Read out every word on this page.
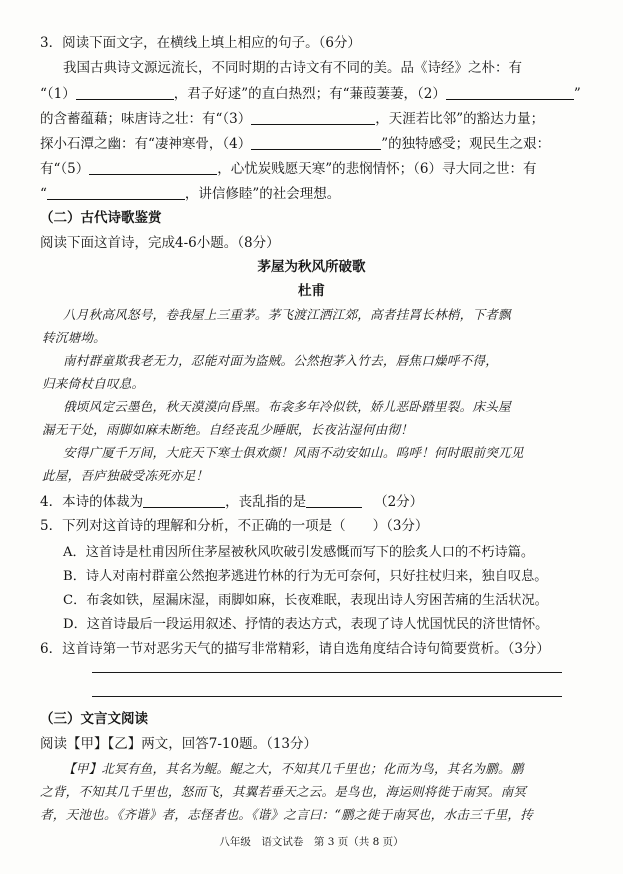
3．阅读下面文字，在横线上填上相应的句子。（6分）
我国古典诗文源远流长，不同时期的古诗文有不同的美。品《诗经》之朴：有
“（1）	，君子好逑”的直白热烈；有“蒹葭萋萋，（2）	”
的含蓄蕴藉；味唐诗之壮：有“（3）	，天涯若比邻”的豁达力量；
探小石潭之幽：有“凄神寒骨，（4）	”的独特感受；观民生之艰：
有“（5）	，心忧炭贱愿天寒”的悲悯情怀；（6）寻大同之世：有
“	，讲信修睦”的社会理想。
（二）古代诗歌鉴赏
阅读下面这首诗，完成4-6小题。（8分）
茅屋为秋风所破歌
杜甫
八月秋高风怒号，卷我屋上三重茅。茅飞渡江洒江郊，高者挂罥长林梢，下者飘
转沉塘坳。
南村群童欺我老无力，忍能对面为盗贼。公然抱茅入竹去，唇焦口燥呼不得，
归来倚杖自叹息。
俄顷风定云墨色，秋天漠漠向昏黑。布衾多年冷似铁，娇儿恶卧踏里裂。床头屋
漏无干处，雨脚如麻未断绝。自经丧乱少睡眠，长夜沾湿何由彻！
安得广厦千万间，大庇天下寒士俱欢颜！风雨不动安如山。呜呼！何时眼前突兀见
此屋，吾庐独破受冻死亦足！
4．本诗的体裁为	，丧乱指的是	（2分）
5．下列对这首诗的理解和分析，不正确的一项是（　　）（3分）
A．这首诗是杜甫因所住茅屋被秋风吹破引发感慨而写下的脍炙人口的不朽诗篇。
B．诗人对南村群童公然抱茅逃进竹林的行为无可奈何，只好拄杖归来，独自叹息。
C．布衾如铁，屋漏床湿，雨脚如麻，长夜难眠，表现出诗人穷困苦痛的生活状况。
D．这首诗最后一段运用叙述、抒情的表达方式，表现了诗人忧国忧民的济世情怀。
6．这首诗第一节对恶劣天气的描写非常精彩，请自选角度结合诗句简要赏析。（3分）
（三）文言文阅读
阅读【甲】【乙】两文，回答7-10题。（13分）
【甲】北冥有鱼，其名为鲲。鲲之大，不知其几千里也；化而为鸟，其名为鹏。鹏
之背，不知其几千里也，怒而飞，其翼若垂天之云。是鸟也，海运则将徙于南冥。南冥
者，天池也。《齐谐》者，志怪者也。《谐》之言曰：“鹏之徙于南冥也，水击三千里，抟
八年级　语文试卷　第 3 页（共 8 页）
